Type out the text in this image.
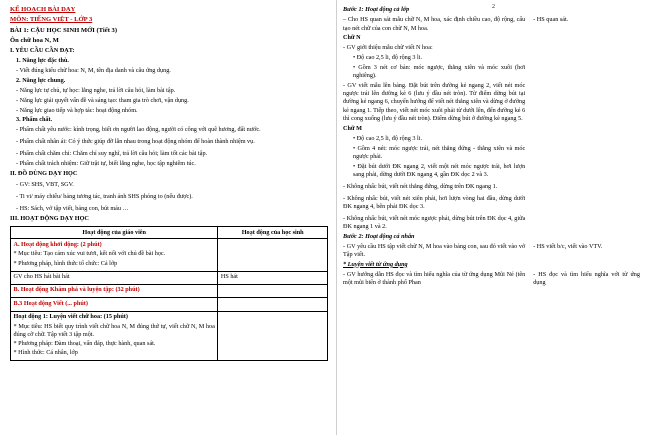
KẾ HOẠCH BÀI DẠY

MÔN: TIẾNG VIỆT - LỚP 3

BÀI 1: CẬU HỌC SINH MỚI (Tiết 3)

Ôn chữ hoa N, M

I. YÊU CẦU CẦN ĐẠT:

1. Năng lực đặc thù.

- Viết đúng kiểu chữ hoa: N, M, tên địa danh và câu ứng dụng.

2. Năng lực chung.

- Năng lực tự chủ, tự học: lắng nghe, trả lời câu hỏi, làm bài tập.

- Năng lực giải quyết vấn đề và sáng tạo: tham gia trò chơi, vận dụng.

- Năng lực giao tiếp và hợp tác: hoạt động nhóm.

3. Phẩm chất.

- Phẩm chất yêu nước: kính trọng, biết ơn người lao động, người có công với quê hương, đất nước.

- Phẩm chất nhân ái: Có ý thức giúp đỡ lẫn nhau trong hoạt động nhóm để hoàn thành nhiệm vụ.

- Phẩm chất chăm chỉ: Chăm chỉ suy nghĩ, trả lời câu hỏi; làm tốt các bài tập.

- Phẩm chất trách nhiệm: Giữ trật tự, biết lắng nghe, học tập nghiêm túc.

II. ĐỒ DÙNG DẠY HỌC

- GV: SHS, VBT, SGV.

- Ti vi/ máy chiếu/ bảng tương tác, tranh ảnh SHS phóng to (nếu được).

- HS: Sách, vở tập viết, bảng con, bút máu …

III. HOẠT ĐỘNG DẠY HỌC

Hoạt động của giáo viên	Hoạt động của học sinh

A. Hoạt động khởi động: (2 phút)

* Mục tiêu: Tạo cảm xúc vui tươi, kết nối với chủ đề bài học.

* Phương pháp, hình thức tổ chức: Cả lớp	

GV cho HS hát bài hát	HS hát

B. Hoạt động Khám phá và luyện tập: (32 phút)	

B.3 Hoạt động Viết (... phút)	

Hoạt động 1: Luyện viết chữ hoa: (15 phút)

* Mục tiêu: HS biết quy trình viết chữ hoa N, M đúng thứ tự, viết chữ N, M hoa đúng cỡ chữ. Tập viết 3 tập một.

* Phương pháp: Đàm thoại, vấn đáp, thực hành, quan sát.

* Hình thức: Cá nhân, lớp	

2

Bước 1: Hoạt động cả lớp	

– Cho HS quan sát mẫu chữ N, M hoa, xác định chiều cao, độ rộng, cấu tạo nét chữ của con chữ N, M hoa.	- HS quan sát.

Chữ N	

- GV giới thiệu mẫu chữ viết N hoa:

• Độ cao 2,5 li, độ rộng 3 li.

• Gồm 3 nét cơ bản: móc ngược, thẳng xiên và móc xuôi (hơi nghiêng).

- GV viết mẫu lên bảng. Đặt bút trên đường kẻ ngang 2, viết nét móc ngược trái lên đường kẻ 6 (lưu ý đầu nét tròn). Từ điểm dừng bút tại đường kẻ ngang 6, chuyển hướng để viết nét thẳng xiên và dừng ở đường kẻ ngang 1. Tiếp theo, viết nét móc xuôi phải từ dưới lên, đến đường kẻ 6 thì cong xuống (lưu ý đầu nét tròn). Điểm dừng bút ở đường kẻ ngang 5.	

Chữ M	

• Độ cao 2,5 li, độ rộng 3 li.

• Gồm 4 nét: móc ngược trái, nét thẳng đứng - thẳng xiên và móc ngược phải.

• Đặt bút dưới ĐK ngang 2, viết một nét móc ngược trái, hơi lượn sang phải, dừng dưới ĐK ngang 4, gần ĐK dọc 2 và 3.

- Không nhấc bút, viết nét thẳng đứng, dừng trên ĐK ngang 1.

- Không nhấc bút, viết nét xiên phải, hơi lượn vòng hai đầu, dừng dưới ĐK ngang 4, bên phải ĐK dọc 3.

- Không nhấc bút, viết nét móc ngược phải, dừng bút trên ĐK dọc 4, giữa ĐK ngang 1 và 2.

Bước 2: Hoạt động cá nhân	

- GV yêu cầu HS tập viết chữ N, M hoa vào bảng con, sau đó viết vào vở Tập viết.	- HS viết b/c, viết vào VTV.

* Luyện viết từ ứng dụng	

- GV hướng dẫn HS đọc và tìm hiểu nghĩa của từ ứng dụng Mũi Né (tên một mũi biển ở thành phố Phan	- HS đọc và tìm hiểu nghĩa với từ ứng dụng
